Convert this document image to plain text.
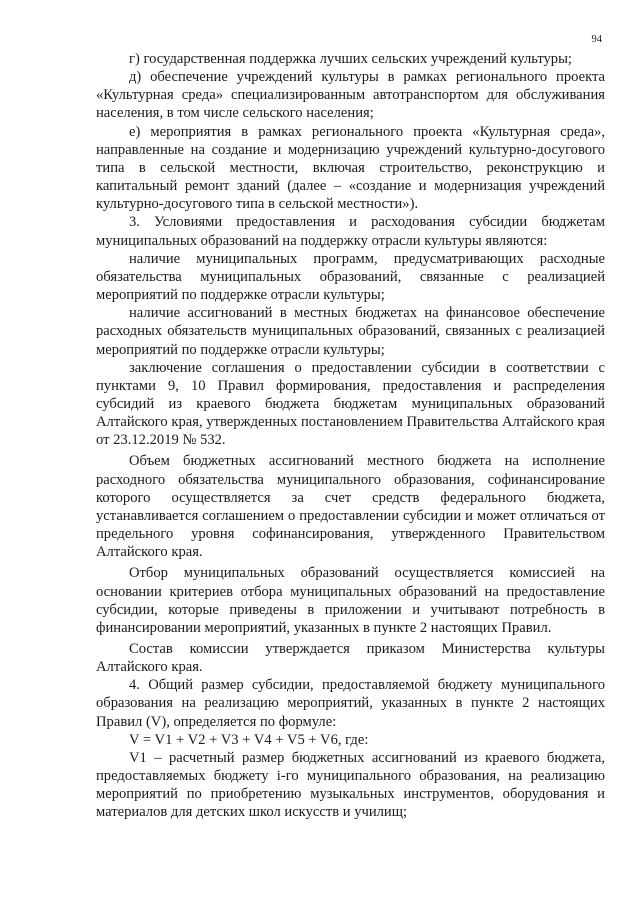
94

г) государственная поддержка лучших сельских учреждений культуры;

д) обеспечение учреждений культуры в рамках регионального проекта «Культурная среда» специализированным автотранспортом для обслуживания населения, в том числе сельского населения;

е) мероприятия в рамках регионального проекта «Культурная среда», направленные на создание и модернизацию учреждений культурно-досугового типа в сельской местности, включая строительство, реконструкцию и капитальный ремонт зданий (далее – «создание и модернизация учреждений культурно-досугового типа в сельской местности»).

3. Условиями предоставления и расходования субсидии бюджетам муниципальных образований на поддержку отрасли культуры являются:

наличие муниципальных программ, предусматривающих расходные обязательства муниципальных образований, связанные с реализацией мероприятий по поддержке отрасли культуры;

наличие ассигнований в местных бюджетах на финансовое обеспечение расходных обязательств муниципальных образований, связанных с реализацией мероприятий по поддержке отрасли культуры;

заключение соглашения о предоставлении субсидии в соответствии с пунктами 9, 10 Правил формирования, предоставления и распределения субсидий из краевого бюджета бюджетам муниципальных образований Алтайского края, утвержденных постановлением Правительства Алтайского края от 23.12.2019 № 532.

Объем бюджетных ассигнований местного бюджета на исполнение расходного обязательства муниципального образования, софинансирование которого осуществляется за счет средств федерального бюджета, устанавливается соглашением о предоставлении субсидии и может отличаться от предельного уровня софинансирования, утвержденного Правительством Алтайского края.

Отбор муниципальных образований осуществляется комиссией на основании критериев отбора муниципальных образований на предоставление субсидии, которые приведены в приложении и учитывают потребность в финансировании мероприятий, указанных в пункте 2 настоящих Правил.

Состав комиссии утверждается приказом Министерства культуры Алтайского края.

4. Общий размер субсидии, предоставляемой бюджету муниципального образования на реализацию мероприятий, указанных в пункте 2 настоящих Правил (V), определяется по формуле:

V = V1 + V2 + V3 + V4 + V5 + V6, где:

V1 – расчетный размер бюджетных ассигнований из краевого бюджета, предоставляемых бюджету i-го муниципального образования, на реализацию мероприятий по приобретению музыкальных инструментов, оборудования и материалов для детских школ искусств и училищ;
